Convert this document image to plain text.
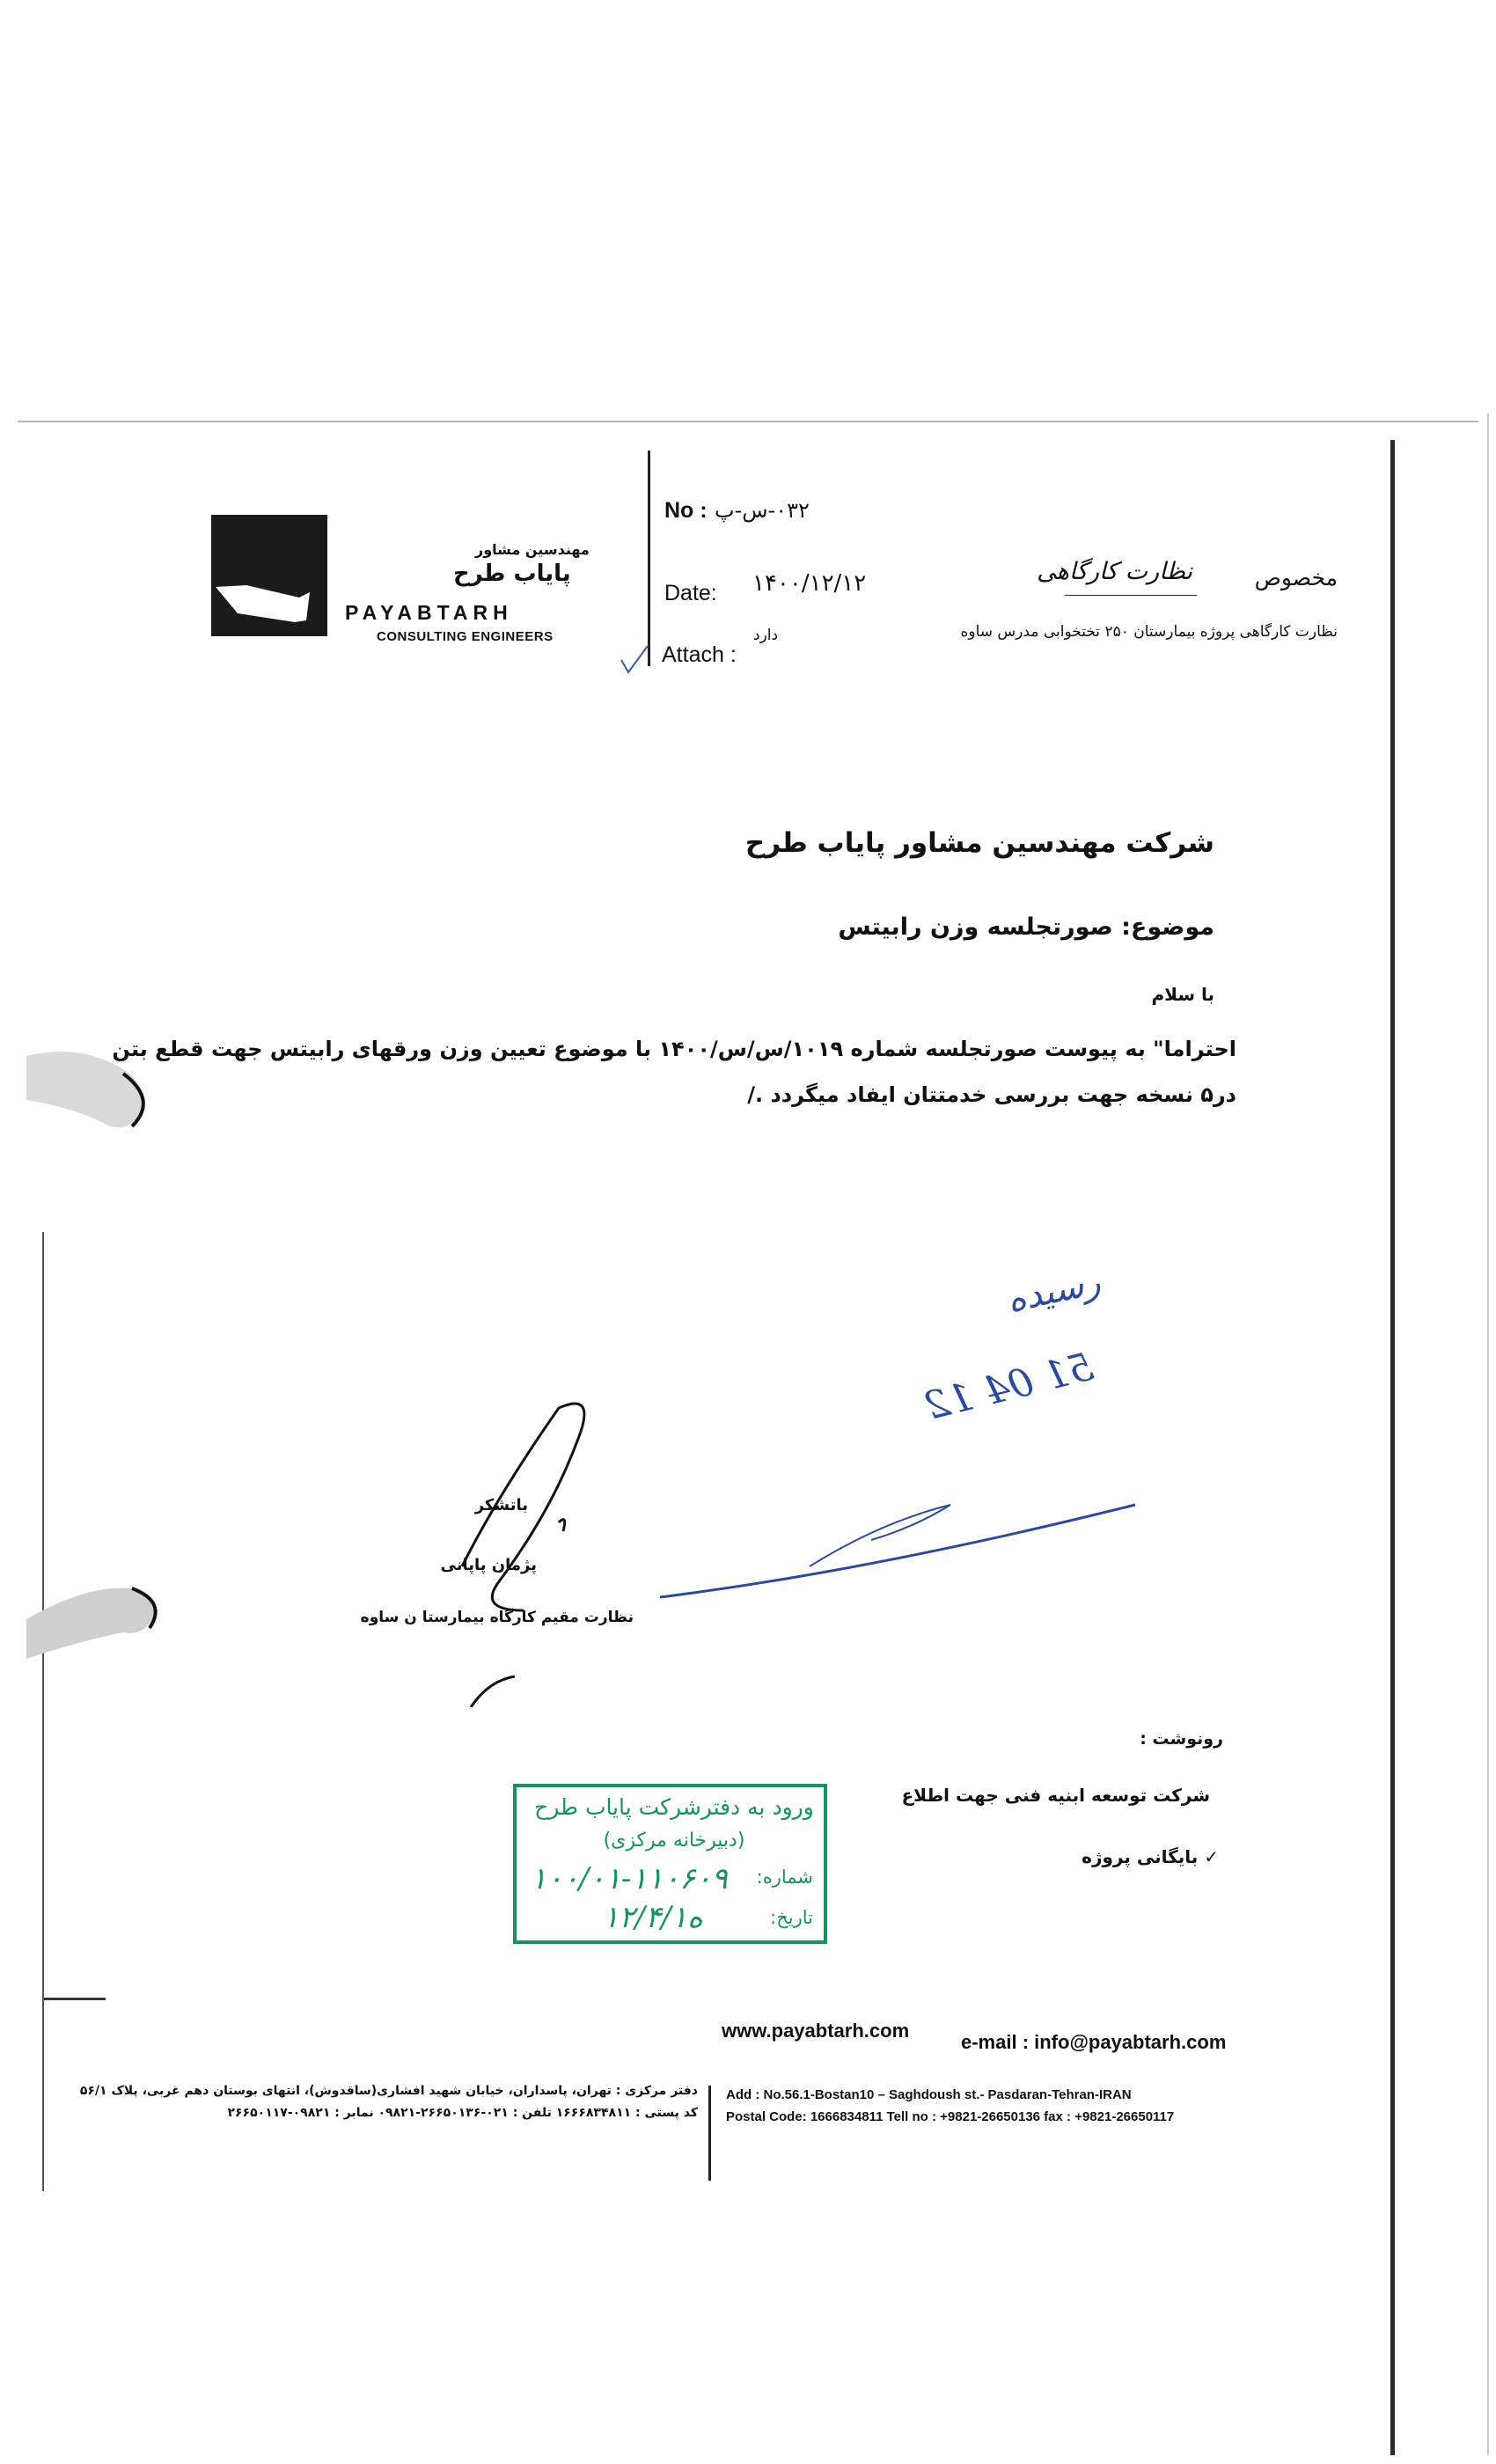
مهندسین مشاور
پایاب طرح
PAYABTARH
CONSULTING ENGINEERS
No : ۰۳۲-س-پ
Date: ۱۴۰۰/۱۲/۱۲
Attach :
دارد
مخصوص
نظارت کارگاهی
نظارت کارگاهی پروژه بیمارستان ۲۵۰ تختخوابی مدرس ساوه
شرکت مهندسین مشاور پایاب طرح
موضوع: صورتجلسه وزن رابیتس
با سلام
احتراما" به پیوست صورتجلسه شماره ۱۰۱۹/س/س/۱۴۰۰ با موضوع تعیین وزن ورقهای رابیتس جهت قطع بتن
در۵ نسخه جهت بررسی خدمتتان ایفاد میگردد ./
رسیده
51 04 12
باتشکر
پژمان پاپانی
نظارت مقیم کارگاه بیمارستا ن ساوه
رونوشت :
شرکت توسعه ابنیه فنی جهت اطلاع
✓ بایگانی پروژه
ورود به دفترشرکت پایاب طرح
(دبیرخانه مرکزی)
شماره:
۱۰۰/۰۱-۱۱۰۶۰۹
تاریخ:
۱۲/۴/۱ه
www.payabtarh.com
e-mail : info@payabtarh.com
دفتر مرکزی : تهران، پاسداران، خیابان شهید افشاری(ساقدوش)، انتهای بوستان دهم غربی، پلاک ۵۶/۱
کد پستی : ۱۶۶۶۸۳۴۸۱۱ تلفن : ۰۲۱-۲۶۶۵۰۱۳۶-۰۹۸۲۱ نمابر : ۰۹۸۲۱-۲۶۶۵۰۱۱۷
Add : No.56.1-Bostan10 – Saghdoush st.- Pasdaran-Tehran-IRAN
Postal Code: 1666834811 Tell no : +9821-26650136 fax : +9821-26650117
